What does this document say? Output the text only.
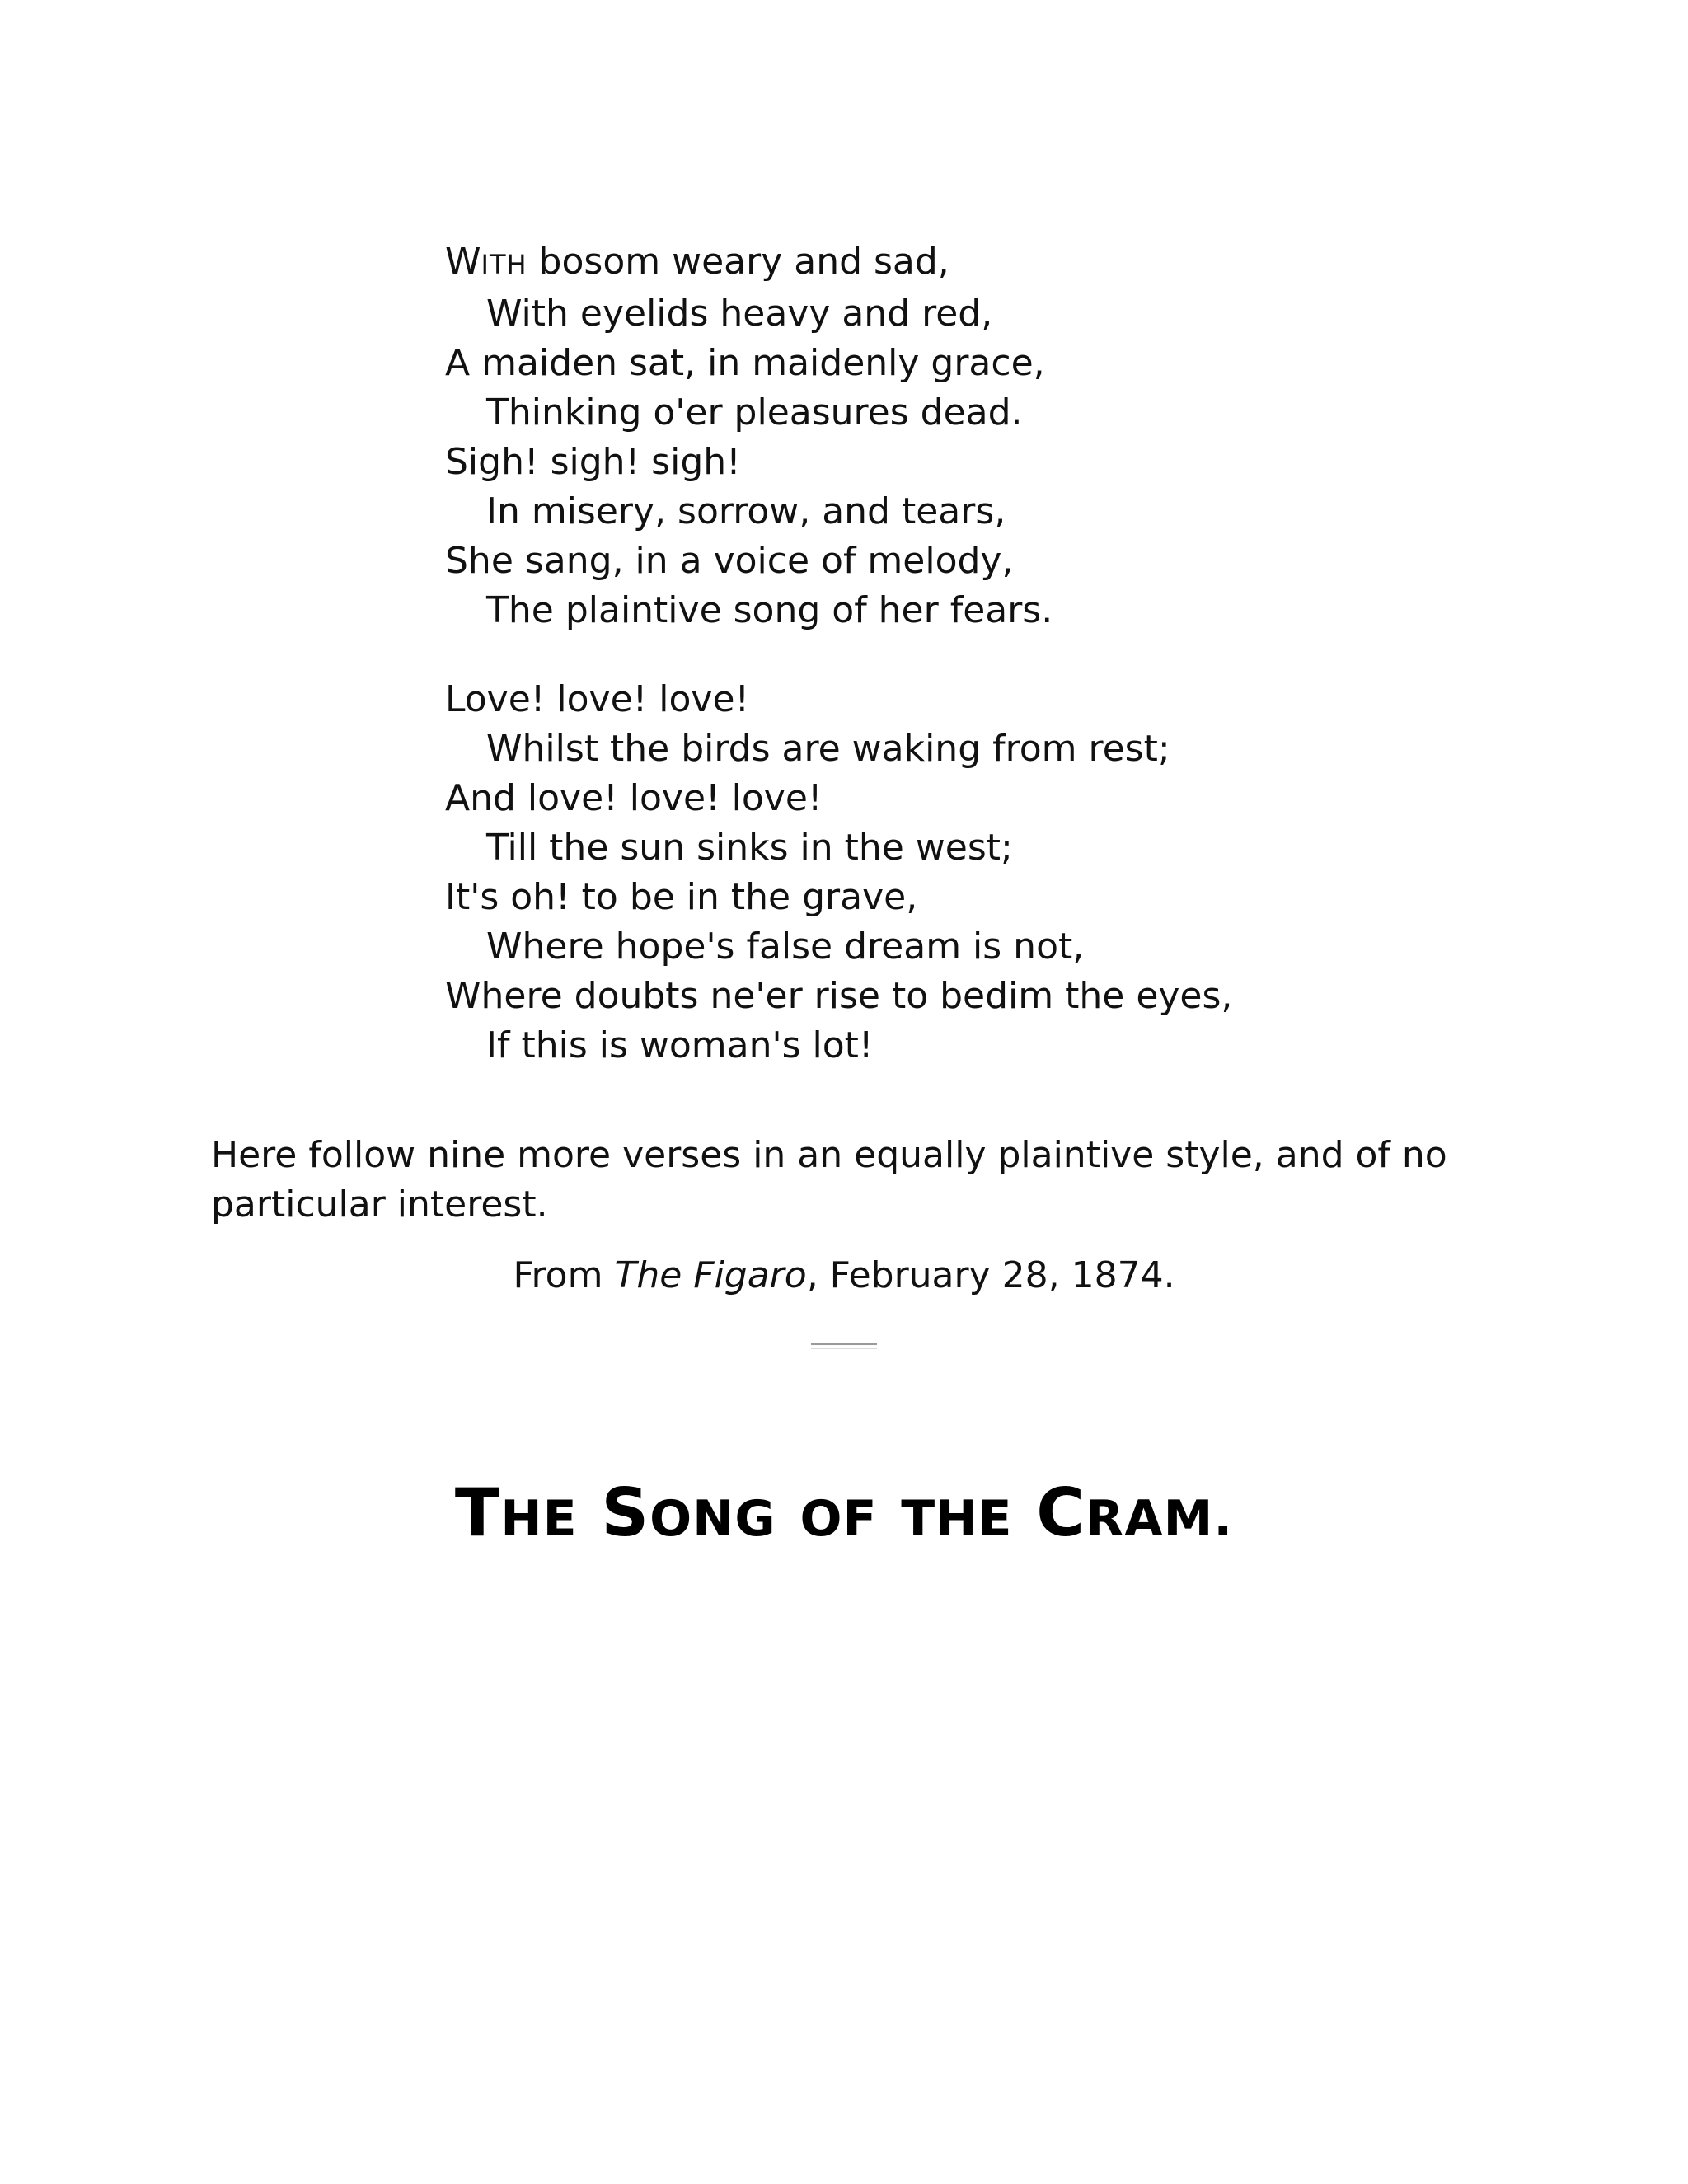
WITH bosom weary and sad,
With eyelids heavy and red,
A maiden sat, in maidenly grace,
Thinking o'er pleasures dead.
Sigh! sigh! sigh!
In misery, sorrow, and tears,
She sang, in a voice of melody,
The plaintive song of her fears.
Love! love! love!
Whilst the birds are waking from rest;
And love! love! love!
Till the sun sinks in the west;
It's oh! to be in the grave,
Where hope's false dream is not,
Where doubts ne'er rise to bedim the eyes,
If this is woman's lot!
Here follow nine more verses in an equally plaintive style, and of no particular interest.
From The Figaro, February 28, 1874.
THE SONG OF THE CRAM.
